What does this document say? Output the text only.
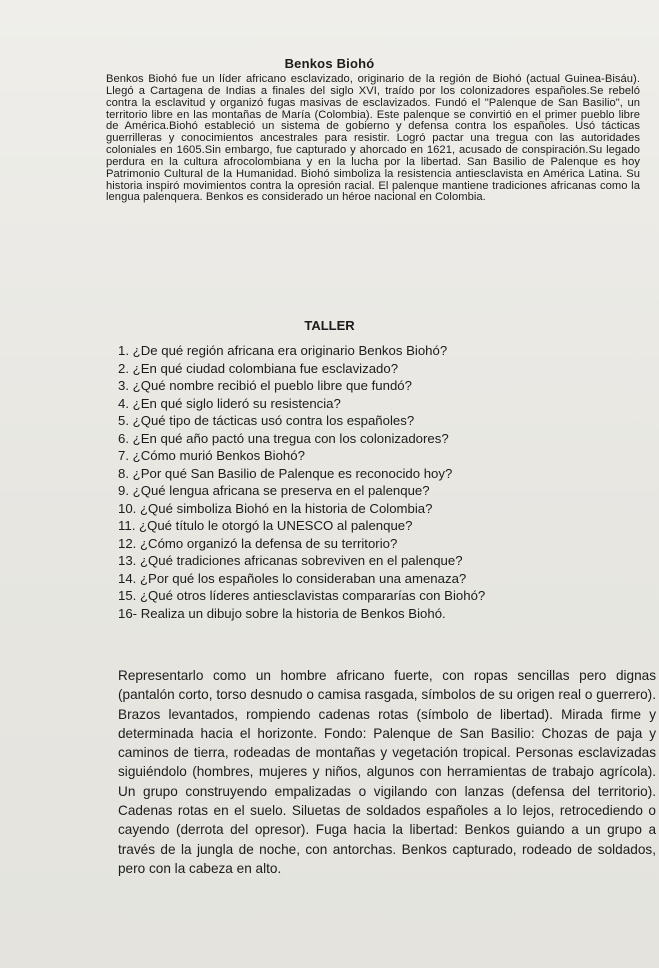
Benkos Biohó

Benkos Biohó fue un líder africano esclavizado, originario de la región de Biohó (actual Guinea-Bisáu). Llegó a Cartagena de Indias a finales del siglo XVI, traído por los colonizadores españoles.Se rebeló contra la esclavitud y organizó fugas masivas de esclavizados. Fundó el "Palenque de San Basilio", un territorio libre en las montañas de María (Colombia). Este palenque se convirtió en el primer pueblo libre de América.Biohó estableció un sistema de gobierno y defensa contra los españoles. Usó tácticas guerrilleras y conocimientos ancestrales para resistir. Logró pactar una tregua con las autoridades coloniales en 1605.Sin embargo, fue capturado y ahorcado en 1621, acusado de conspiración.Su legado perdura en la cultura afrocolombiana y en la lucha por la libertad. San Basilio de Palenque es hoy Patrimonio Cultural de la Humanidad. Biohó simboliza la resistencia antiesclavista en América Latina. Su historia inspiró movimientos contra la opresión racial. El palenque mantiene tradiciones africanas como la lengua palenquera. Benkos es considerado un héroe nacional en Colombia.

TALLER
1. ¿De qué región africana era originario Benkos Biohó?
2. ¿En qué ciudad colombiana fue esclavizado?
3. ¿Qué nombre recibió el pueblo libre que fundó?
4. ¿En qué siglo lideró su resistencia?
5. ¿Qué tipo de tácticas usó contra los españoles?
6. ¿En qué año pactó una tregua con los colonizadores?
7. ¿Cómo murió Benkos Biohó?
8. ¿Por qué San Basilio de Palenque es reconocido hoy?
9. ¿Qué lengua africana se preserva en el palenque?
10. ¿Qué simboliza Biohó en la historia de Colombia?
11. ¿Qué título le otorgó la UNESCO al palenque?
12. ¿Cómo organizó la defensa de su territorio?
13. ¿Qué tradiciones africanas sobreviven en el palenque?
14. ¿Por qué los españoles lo consideraban una amenaza?
15. ¿Qué otros líderes antiesclavistas compararías con Biohó?
16- Realiza un dibujo sobre la historia de Benkos Biohó.

Representarlo como un hombre africano fuerte, con ropas sencillas pero dignas (pantalón corto, torso desnudo o camisa rasgada, símbolos de su origen real o guerrero). Brazos levantados, rompiendo cadenas rotas (símbolo de libertad). Mirada firme y determinada hacia el horizonte. Fondo: Palenque de San Basilio: Chozas de paja y caminos de tierra, rodeadas de montañas y vegetación tropical. Personas esclavizadas siguiéndolo (hombres, mujeres y niños, algunos con herramientas de trabajo agrícola). Un grupo construyendo empalizadas o vigilando con lanzas (defensa del territorio). Cadenas rotas en el suelo. Siluetas de soldados españoles a lo lejos, retrocediendo o cayendo (derrota del opresor). Fuga hacia la libertad: Benkos guiando a un grupo a través de la jungla de noche, con antorchas. Benkos capturado, rodeado de soldados, pero con la cabeza en alto.
